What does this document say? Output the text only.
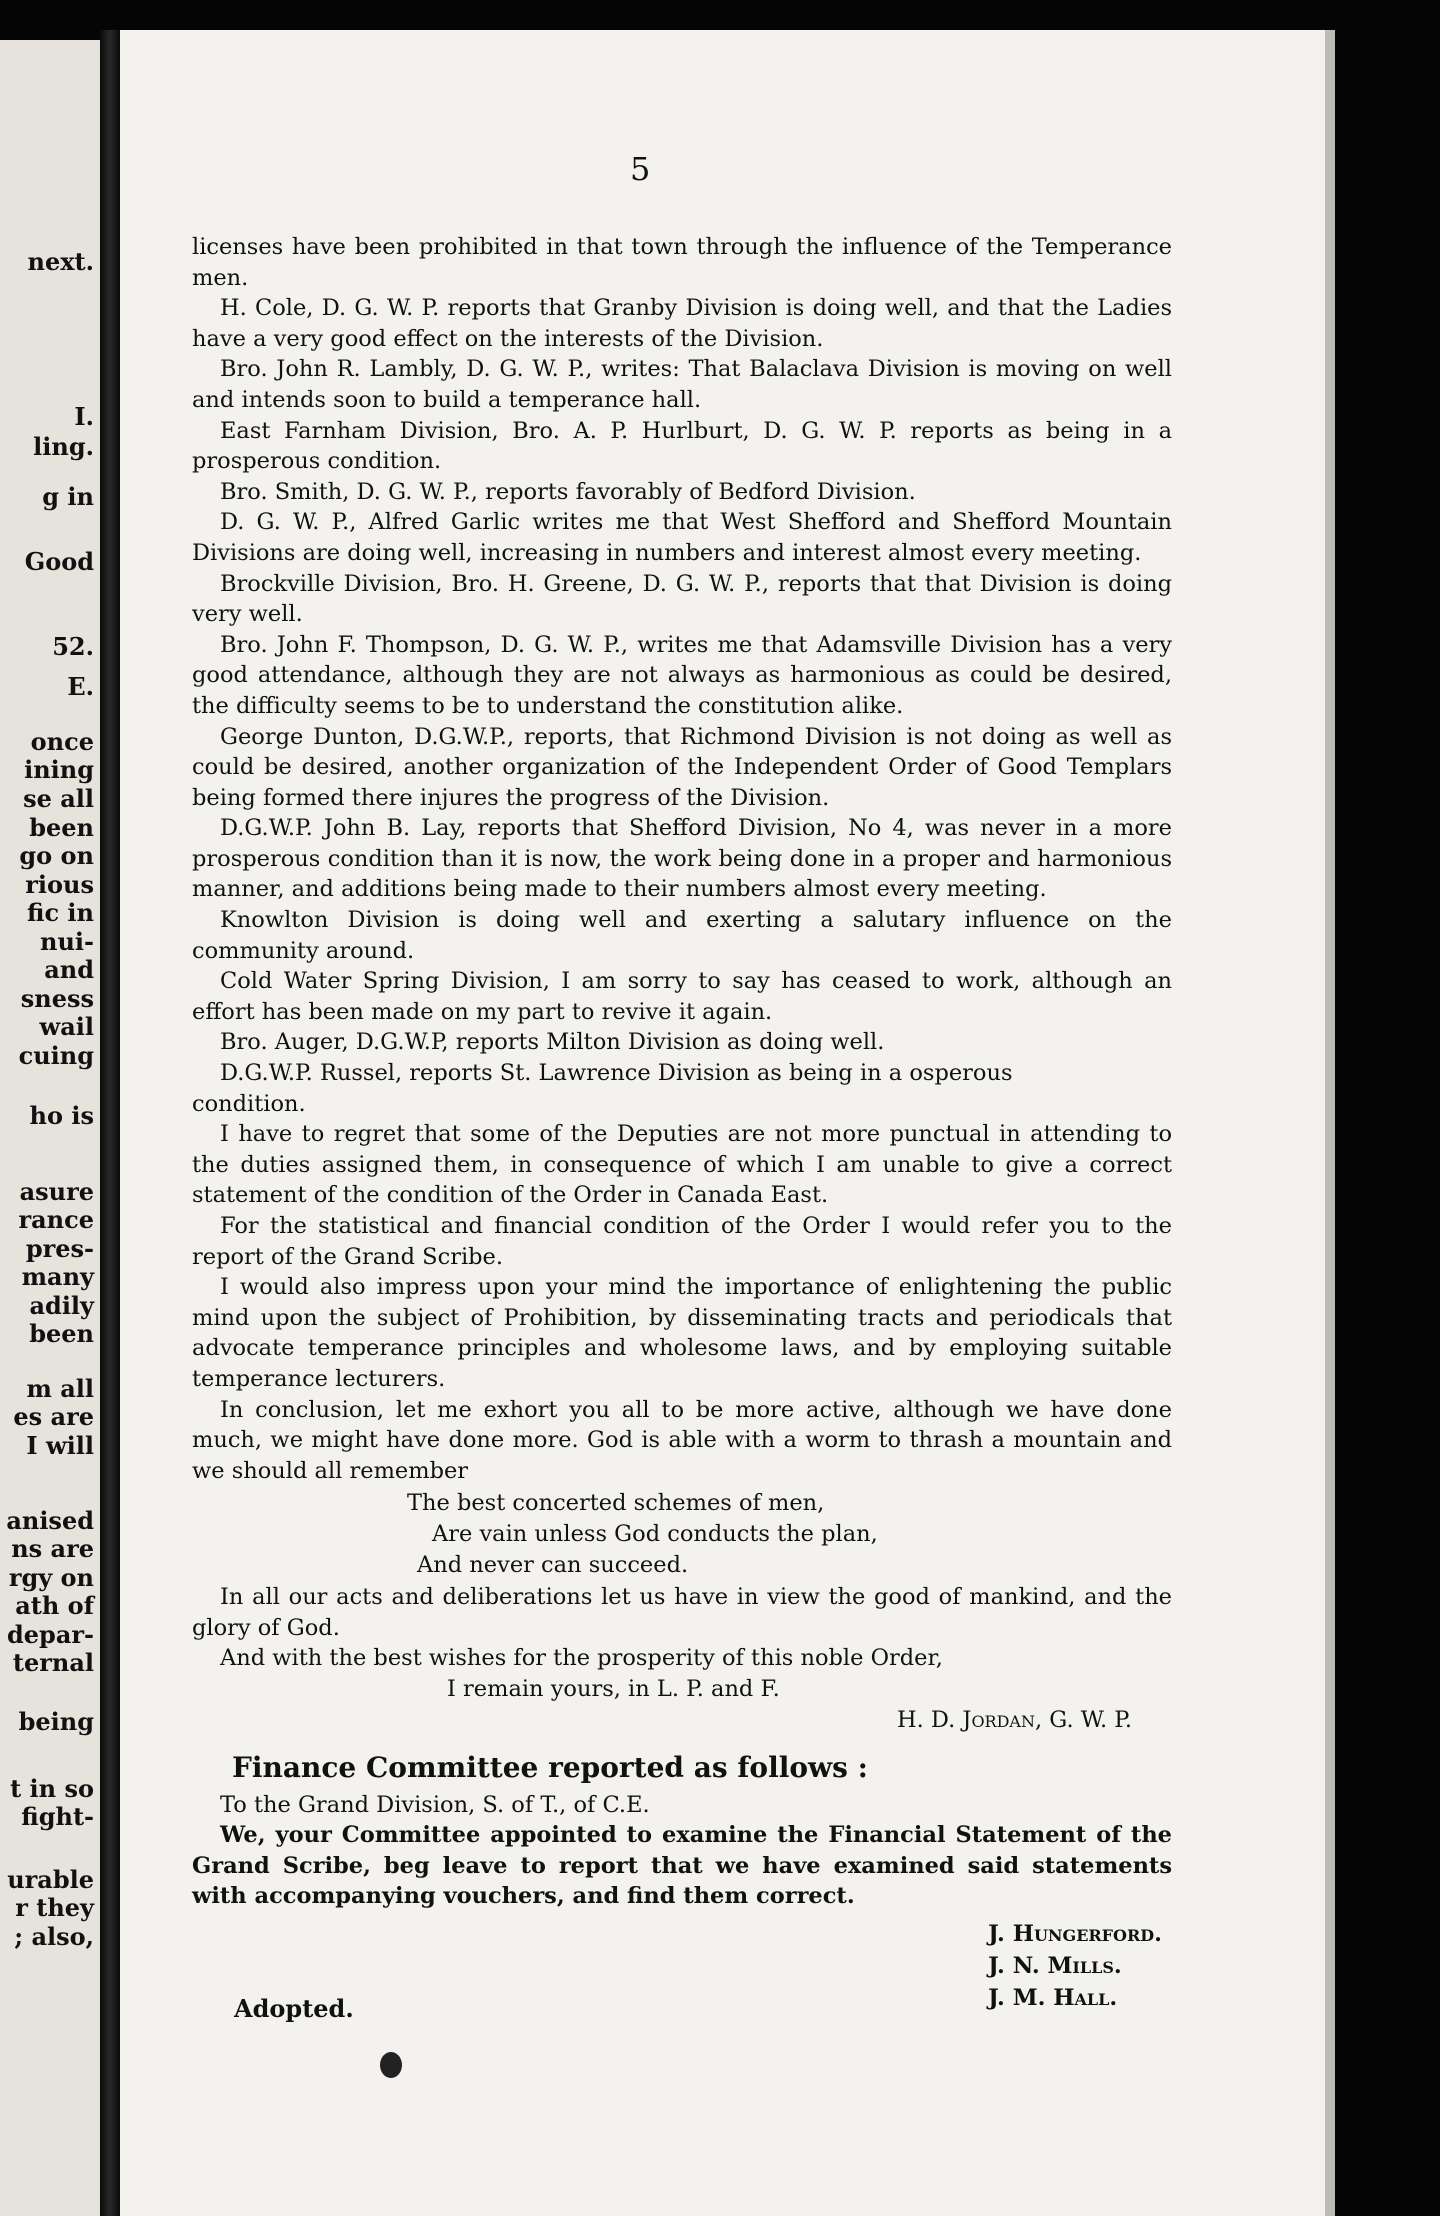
next.
I.
ling.
g in
Good
52.
E.
once
ining
se all
been
go on
rious
fic in
nui-
and
sness
wail
cuing
ho is
asure
rance
pres-
many
adily
been
m all
es are
I will
anised
ns are
rgy on
ath of
depar-
ternal
being
t in so
fight-
urable
r they
; also,
5

licenses have been prohibited in that town through the influence of the Temperance men.

H. Cole, D. G. W. P. reports that Granby Division is doing well, and that the Ladies have a very good effect on the interests of the Division.

Bro. John R. Lambly, D. G. W. P., writes: That Balaclava Division is moving on well and intends soon to build a temperance hall.

East Farnham Division, Bro. A. P. Hurlburt, D. G. W. P. reports as being in a prosperous condition.

Bro. Smith, D. G. W. P., reports favorably of Bedford Division.

D. G. W. P., Alfred Garlic writes me that West Shefford and Shefford Mountain Divisions are doing well, increasing in numbers and interest almost every meeting.

Brockville Division, Bro. H. Greene, D. G. W. P., reports that that Division is doing very well.

Bro. John F. Thompson, D. G. W. P., writes me that Adamsville Division has a very good attendance, although they are not always as harmonious as could be desired, the difficulty seems to be to understand the constitution alike.

George Dunton, D.G.W.P., reports, that Richmond Division is not doing as well as could be desired, another organization of the Independent Order of Good Templars being formed there injures the progress of the Division.

D.G.W.P. John B. Lay, reports that Shefford Division, No 4, was never in a more prosperous condition than it is now, the work being done in a proper and harmonious manner, and additions being made to their numbers almost every meeting.

Knowlton Division is doing well and exerting a salutary influence on the community around.

Cold Water Spring Division, I am sorry to say has ceased to work, although an effort has been made on my part to revive it again.

Bro. Auger, D.G.W.P, reports Milton Division as doing well.

D.G.W.P. Russel, reports St. Lawrence Division as being in a osperous

condition.

I have to regret that some of the Deputies are not more punctual in attending to the duties assigned them, in consequence of which I am unable to give a correct statement of the condition of the Order in Canada East.

For the statistical and financial condition of the Order I would refer you to the report of the Grand Scribe.

I would also impress upon your mind the importance of enlightening the public mind upon the subject of Prohibition, by disseminating tracts and periodicals that advocate temperance principles and wholesome laws, and by employing suitable temperance lecturers.

In conclusion, let me exhort you all to be more active, although we have done much, we might have done more. God is able with a worm to thrash a mountain and we should all remember

The best concerted schemes of men,
Are vain unless God conducts the plan,
And never can succeed.

In all our acts and deliberations let us have in view the good of mankind, and the glory of God.

And with the best wishes for the prosperity of this noble Order,

I remain yours, in L. P. and F.
H. D. Jordan, G. W. P.
Finance Committee reported as follows :

To the Grand Division, S. of T., of C.E.

We, your Committee appointed to examine the Financial Statement of the Grand Scribe, beg leave to report that we have examined said statements with accompanying vouchers, and find them correct.

J. Hungerford.
J. N. Mills.
J. M. Hall.
Adopted.
